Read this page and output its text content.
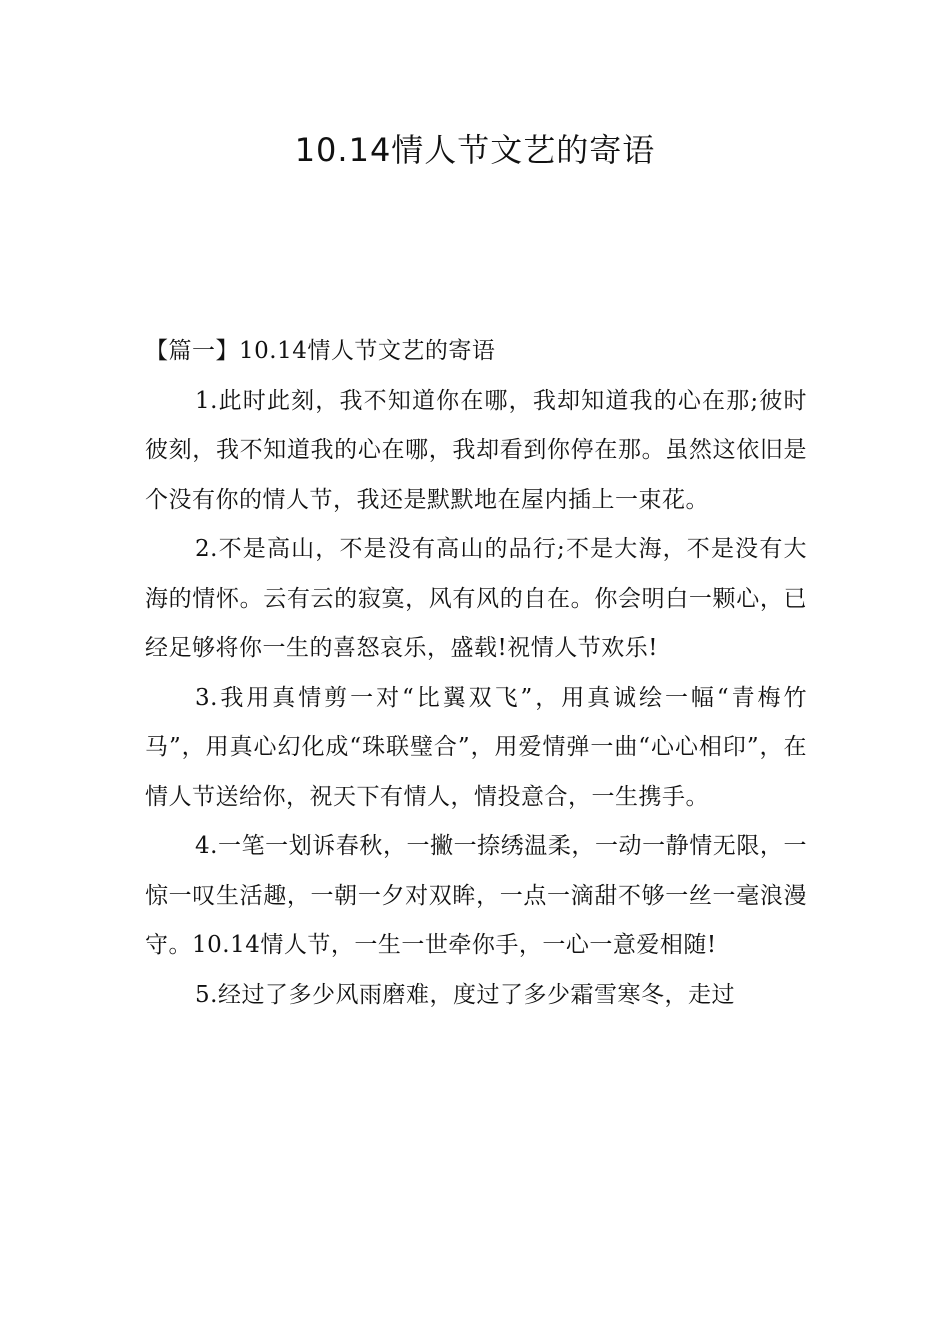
10.14情人节文艺的寄语

【篇一】10.14情人节文艺的寄语

1.此时此刻，我不知道你在哪，我却知道我的心在那;彼时彼刻，我不知道我的心在哪，我却看到你停在那。虽然这依旧是个没有你的情人节，我还是默默地在屋内插上一束花。

2.不是高山，不是没有高山的品行;不是大海，不是没有大海的情怀。云有云的寂寞，风有风的自在。你会明白一颗心，已经足够将你一生的喜怒哀乐，盛载!祝情人节欢乐!

3.我用真情剪一对“比翼双飞”，用真诚绘一幅“青梅竹马”，用真心幻化成“珠联璧合”，用爱情弹一曲“心心相印”，在情人节送给你，祝天下有情人，情投意合，一生携手。

4.一笔一划诉春秋，一撇一捺绣温柔，一动一静情无限，一惊一叹生活趣，一朝一夕对双眸，一点一滴甜不够一丝一毫浪漫守。10.14情人节，一生一世牵你手，一心一意爱相随!

5.经过了多少风雨磨难，度过了多少霜雪寒冬，走过
